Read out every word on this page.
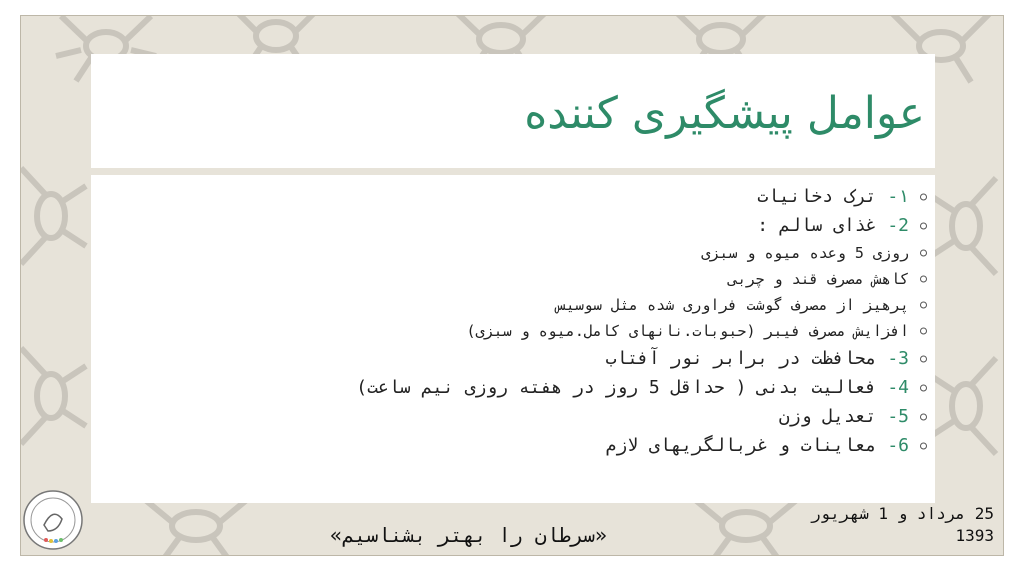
عوامل پیشگیری کننده
۱- ترک دخانیات
2- غذای سالم :
روزی 5 وعده میوه و سبزی
کاهش مصرف قند و چربی
پرهیز از مصرف گوشت فراوری شده مثل سوسیس
افزایش مصرف فیبر (حبوبات.نانهای کامل.میوه و سبزی)
3- محافظت در برابر نور آفتاب
4- فعالیت بدنی ( حداقل 5 روز در هفته روزی نیم ساعت)
5- تعدیل وزن
6- معاینات و غربالگریهای لازم
25 مرداد و 1 شهریور
1393
«سرطان را بهتر بشناسیم»
